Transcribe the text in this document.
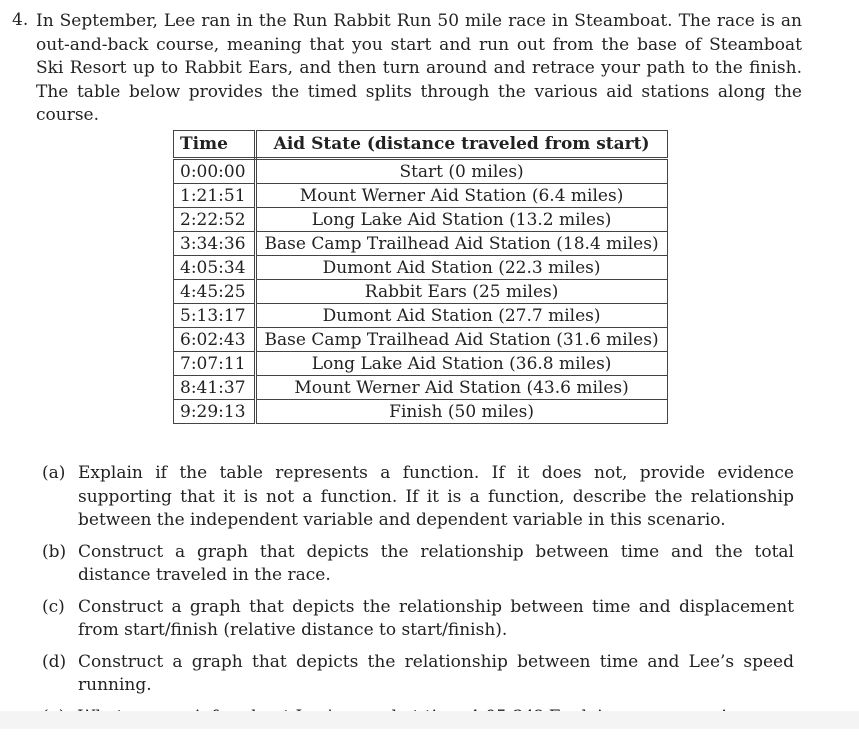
4. In September, Lee ran in the Run Rabbit Run 50 mile race in Steamboat. The race is an out-and-back course, meaning that you start and run out from the base of Steamboat Ski Resort up to Rabbit Ears, and then turn around and retrace your path to the finish. The table below provides the timed splits through the various aid stations along the course.
Time	Aid State (distance traveled from start)
0:00:00	Start (0 miles)
1:21:51	Mount Werner Aid Station (6.4 miles)
2:22:52	Long Lake Aid Station (13.2 miles)
3:34:36	Base Camp Trailhead Aid Station (18.4 miles)
4:05:34	Dumont Aid Station (22.3 miles)
4:45:25	Rabbit Ears (25 miles)
5:13:17	Dumont Aid Station (27.7 miles)
6:02:43	Base Camp Trailhead Aid Station (31.6 miles)
7:07:11	Long Lake Aid Station (36.8 miles)
8:41:37	Mount Werner Aid Station (43.6 miles)
9:29:13	Finish (50 miles)
(a) Explain if the table represents a function. If it does not, provide evidence supporting that it is not a function. If it is a function, describe the relationship between the independent variable and dependent variable in this scenario.
(b) Construct a graph that depicts the relationship between time and the total distance traveled in the race.
(c) Construct a graph that depicts the relationship between time and displacement from start/finish (relative distance to start/finish).
(d) Construct a graph that depicts the relationship between time and Lee’s speed running.
